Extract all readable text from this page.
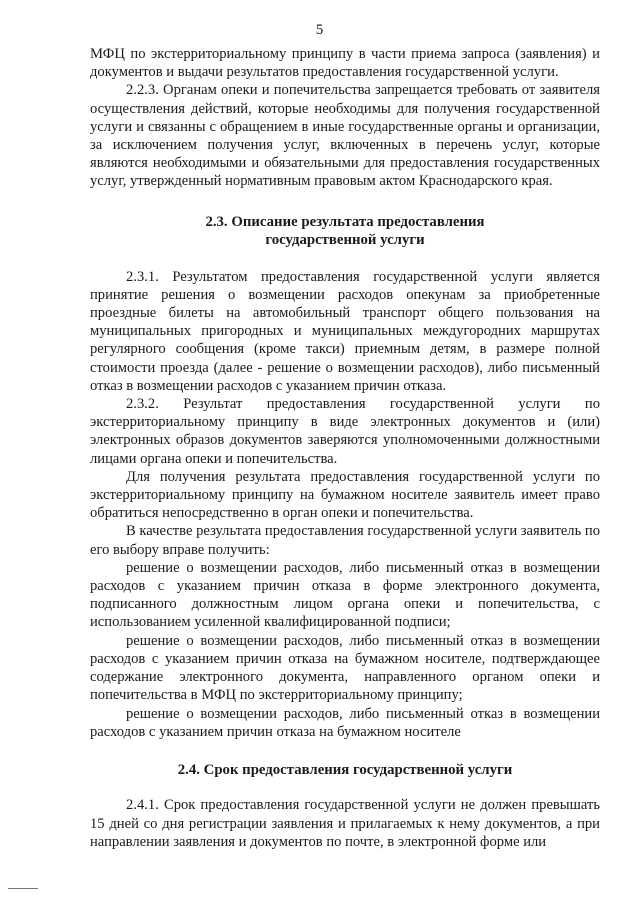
5

МФЦ по экстерриториальному принципу в части приема запроса (заявления) и документов и выдачи результатов предоставления государственной услуги.

2.2.3. Органам опеки и попечительства запрещается требовать от заявителя осуществления действий, которые необходимы для получения государственной услуги и связанны с обращением в иные государственные органы и организации, за исключением получения услуг, включенных в перечень услуг, которые являются необходимыми и обязательными для предоставления государственных услуг, утвержденный нормативным правовым актом Краснодарского края.

2.3. Описание результата предоставления
государственной услуги

2.3.1. Результатом предоставления государственной услуги является принятие решения о возмещении расходов опекунам за приобретенные проездные билеты на автомобильный транспорт общего пользования на муниципальных пригородных и муниципальных междугородних маршрутах регулярного сообщения (кроме такси) приемным детям, в размере полной стоимости проезда (далее - решение о возмещении расходов), либо письменный отказ в возмещении расходов с указанием причин отказа.

2.3.2. Результат предоставления государственной услуги по экстерриториальному принципу в виде электронных документов и (или) электронных образов документов заверяются уполномоченными должностными лицами органа опеки и попечительства.

Для получения результата предоставления государственной услуги по экстерриториальному принципу на бумажном носителе заявитель имеет право обратиться непосредственно в орган опеки и попечительства.

В качестве результата предоставления государственной услуги заявитель по его выбору вправе получить:

решение о возмещении расходов, либо письменный отказ в возмещении расходов с указанием причин отказа в форме электронного документа, подписанного должностным лицом органа опеки и попечительства, с использованием усиленной квалифицированной подписи;

решение о возмещении расходов, либо письменный отказ в возмещении расходов с указанием причин отказа на бумажном носителе, подтверждающее содержание электронного документа, направленного органом опеки и попечительства в МФЦ по экстерриториальному принципу;

решение о возмещении расходов, либо письменный отказ в возмещении расходов с указанием причин отказа на бумажном носителе

2.4. Срок предоставления государственной услуги

2.4.1. Срок предоставления государственной услуги не должен превышать 15 дней со дня регистрации заявления и прилагаемых к нему документов, а при направлении заявления и документов по почте, в электронной форме или
